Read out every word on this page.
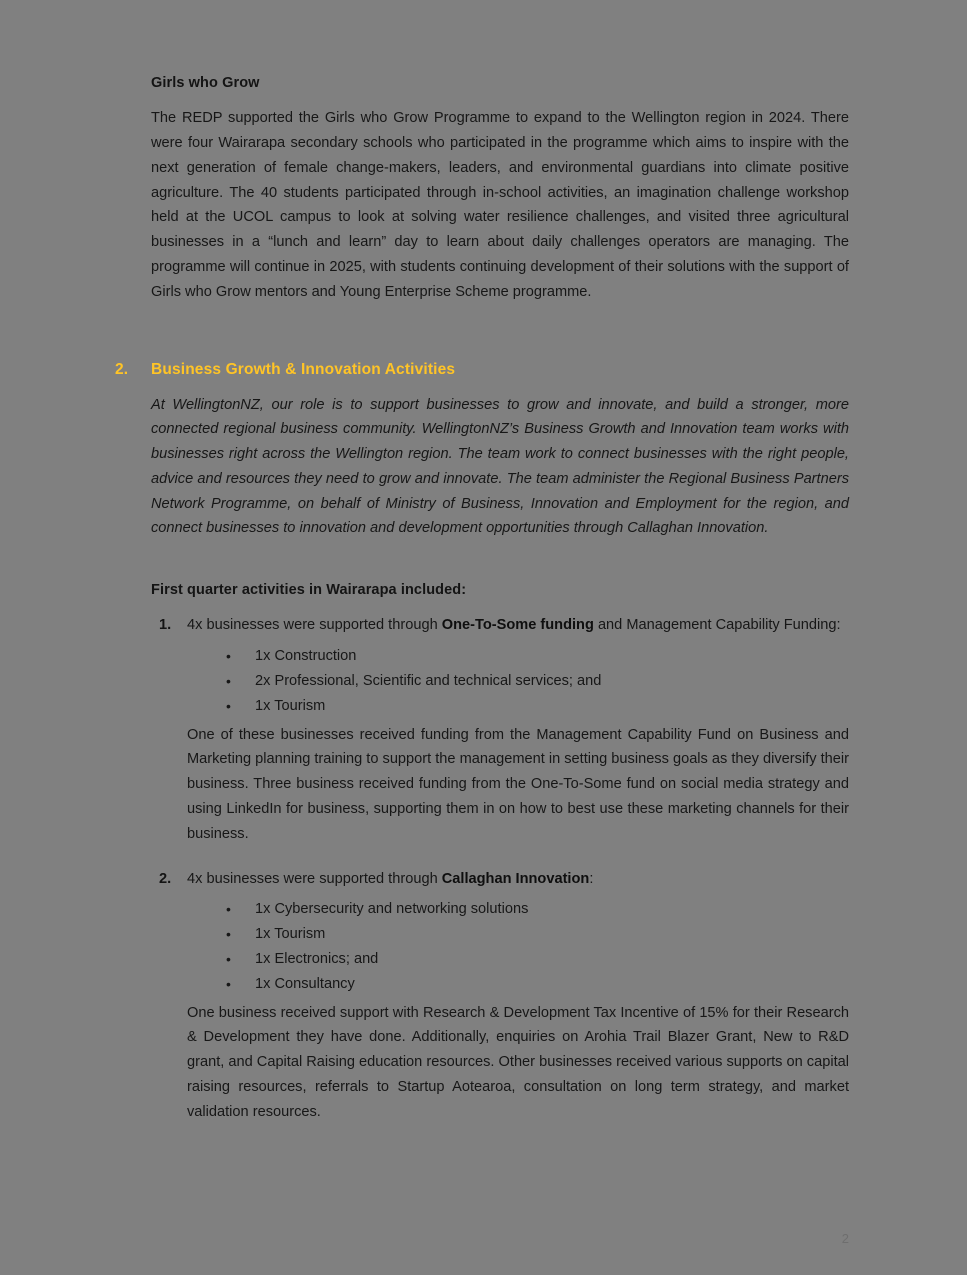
Girls who Grow

The REDP supported the Girls who Grow Programme to expand to the Wellington region in 2024. There were four Wairarapa secondary schools who participated in the programme which aims to inspire with the next generation of female change-makers, leaders, and environmental guardians into climate positive agriculture. The 40 students participated through in-school activities, an imagination challenge workshop held at the UCOL campus to look at solving water resilience challenges, and visited three agricultural businesses in a “lunch and learn” day to learn about daily challenges operators are managing. The programme will continue in 2025, with students continuing development of their solutions with the support of Girls who Grow mentors and Young Enterprise Scheme programme.

2.	Business Growth & Innovation Activities

At WellingtonNZ, our role is to support businesses to grow and innovate, and build a stronger, more connected regional business community. WellingtonNZ’s Business Growth and Innovation team works with businesses right across the Wellington region. The team work to connect businesses with the right people, advice and resources they need to grow and innovate. The team administer the Regional Business Partners Network Programme, on behalf of Ministry of Business, Innovation and Employment for the region, and connect businesses to innovation and development opportunities through Callaghan Innovation.

First quarter activities in Wairarapa included:
1. 4x businesses were supported through One-To-Some funding and Management Capability Funding:

• 1x Construction
• 2x Professional, Scientific and technical services; and
• 1x Tourism

One of these businesses received funding from the Management Capability Fund on Business and Marketing planning training to support the management in setting business goals as they diversify their business. Three business received funding from the One-To-Some fund on social media strategy and using LinkedIn for business, supporting them in on how to best use these marketing channels for their business.

2. 4x businesses were supported through Callaghan Innovation:

• 1x Cybersecurity and networking solutions
• 1x Tourism
• 1x Electronics; and
• 1x Consultancy

One business received support with Research & Development Tax Incentive of 15% for their Research & Development they have done. Additionally, enquiries on Arohia Trail Blazer Grant, New to R&D grant, and Capital Raising education resources. Other businesses received various supports on capital raising resources, referrals to Startup Aotearoa, consultation on long term strategy, and market validation resources.

2
